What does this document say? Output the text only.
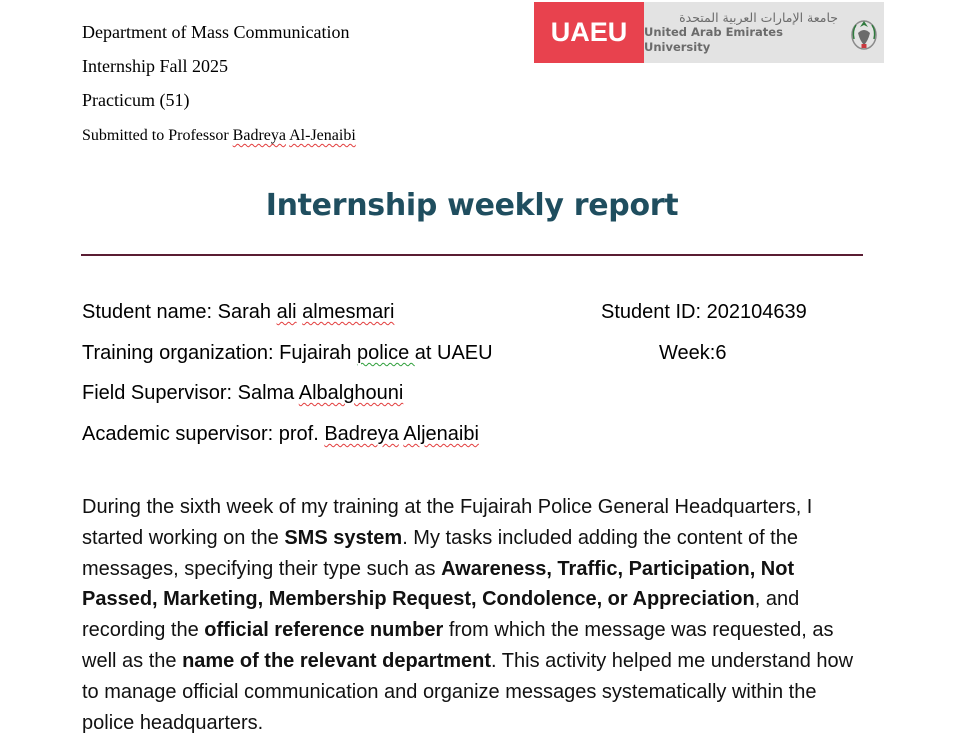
Department of Mass Communication
Internship Fall 2025
Practicum (51)
Submitted to Professor Badreya Al-Jenaibi
UAEU	جامعة الإمارات العربية المتحدة
United Arab Emirates University
Internship weekly report
Student name: Sarah ali almesmari	Student ID: 202104639
Training organization: Fujairah police at UAEU	Week:6
Field Supervisor: Salma Albalghouni
Academic supervisor: prof. Badreya Aljenaibi
During the sixth week of my training at the Fujairah Police General Headquarters, I started working on the SMS system. My tasks included adding the content of the messages, specifying their type such as Awareness, Traffic, Participation, Not Passed, Marketing, Membership Request, Condolence, or Appreciation, and recording the official reference number from which the message was requested, as well as the name of the relevant department. This activity helped me understand how to manage official communication and organize messages systematically within the police headquarters.
